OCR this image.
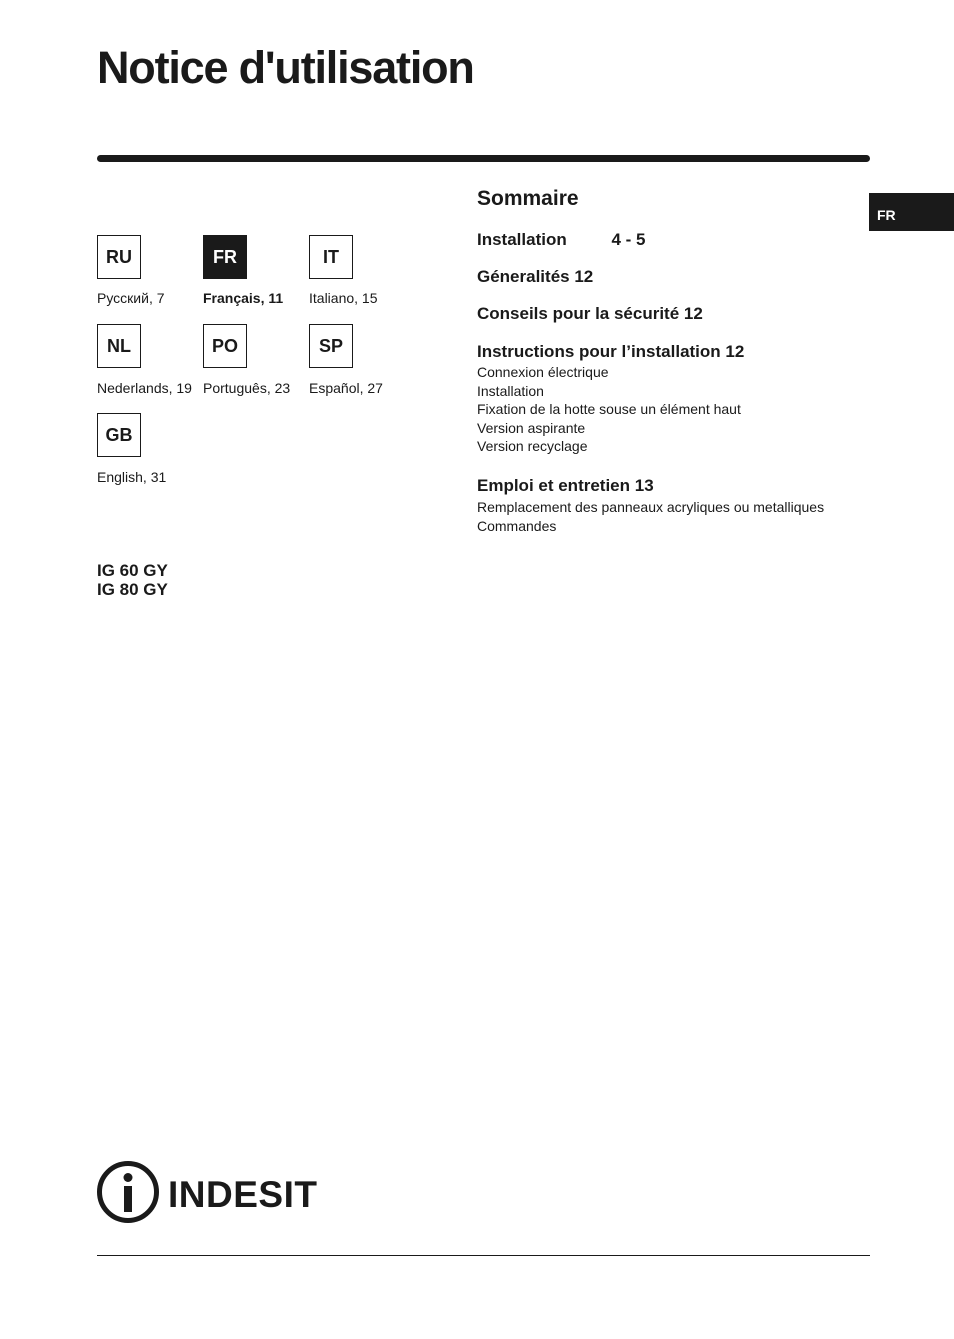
Notice d'utilisation
FR
RU
Русский, 7
FR
Français, 11
IT
Italiano, 15
NL
Nederlands, 19
PO
Português, 23
SP
Español, 27
GB
English, 31
IG 60 GY
IG 80 GY
Sommaire
Installation	4 - 5
Géneralités 12
Conseils pour la sécurité 12
Instructions pour l’installation 12
Connexion électrique
Installation
Fixation de la hotte souse un élément haut
Version aspirante
Version recyclage
Emploi et entretien 13
Remplacement des panneaux acryliques ou metalliques
Commandes
INDESIT
